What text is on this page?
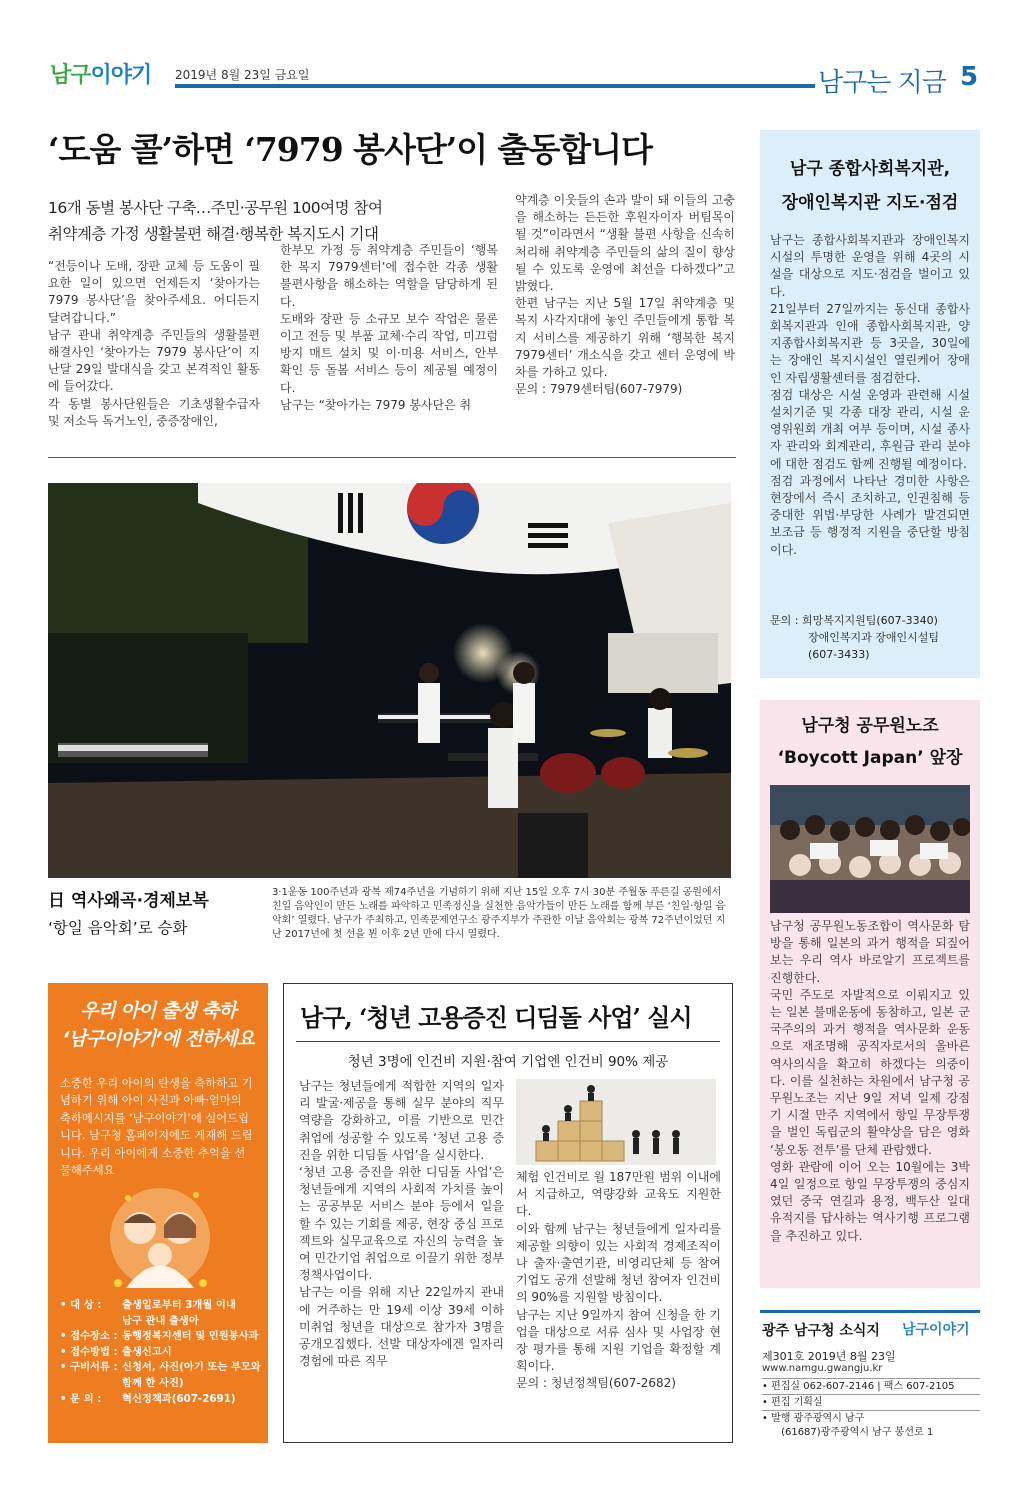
남구이야기 2019년 8월 23일 금요일	남구는 지금 5
‘도움 콜’하면 ‘7979 봉사단’이 출동합니다
16개 동별 봉사단 구축…주민·공무원 100여명 참여
취약계층 가정 생활불편 해결·행복한 복지도시 기대
“전등이나 도배, 장판 교체 등 도움이 필요한 일이 있으면 언제든지 ‘찾아가는 7979 봉사단’을 찾아주세요. 어디든지 달려갑니다.”
남구 관내 취약계층 주민들의 생활불편 해결사인 ‘찾아가는 7979 봉사단’이 지난달 29일 발대식을 갖고 본격적인 활동에 들어갔다.
각 동별 봉사단원들은 기초생활수급자 및 저소득 독거노인, 중증장애인,
한부모 가정 등 취약계층 주민들이 ‘행복한 복지 7979센터’에 접수한 각종 생활 불편사항을 해소하는 역할을 담당하게 된다.
도배와 장판 등 소규모 보수 작업은 물론이고 전등 및 부품 교체·수리 작업, 미끄럼 방지 매트 설치 및 이·미용 서비스, 안부 확인 등 돌봄 서비스 등이 제공될 예정이다.
남구는 “찾아가는 7979 봉사단은 취
약계층 이웃들의 손과 발이 돼 이들의 고충을 해소하는 든든한 후원자이자 버팀목이 될 것”이라면서 “생활 불편 사항을 신속히 처리해 취약계층 주민들의 삶의 질이 향상될 수 있도록 운영에 최선을 다하겠다”고 밝혔다.
한편 남구는 지난 5월 17일 취약계층 및 복지 사각지대에 놓인 주민들에게 통합 복지 서비스를 제공하기 위해 ‘행복한 복지 7979센터’ 개소식을 갖고 센터 운영에 박차를 가하고 있다.
문의 : 7979센터팀(607-7979)
日 역사왜곡·경제보복
‘항일 음악회’로 승화
3·1운동 100주년과 광복 제74주년을 기념하기 위해 지난 15일 오후 7시 30분 주월동 푸른길 공원에서 친일 음악인이 만든 노래를 파악하고 민족정신을 실천한 음악가들이 만든 노래를 함께 부른 ‘친일·항일 음악회’ 열렸다. 남구가 주최하고, 민족문제연구소 광주지부가 주관한 이날 음악회는 광복 72주년이었던 지난 2017년에 첫 선을 뵌 이후 2년 만에 다시 열렸다.
남구 종합사회복지관,
장애인복지관 지도·점검
남구는 종합사회복지관과 장애인복지시설의 투명한 운영을 위해 4곳의 시설을 대상으로 지도·점검을 벌이고 있다.
21일부터 27일까지는 동신대 종합사회복지관과 인애 종합사회복지관, 양지종합사회복지관 등 3곳을, 30일에는 장애인 복지시설인 열린케어 장애인 자립생활센터를 점검한다.
점검 대상은 시설 운영과 관련해 시설 설치기준 및 각종 대장 관리, 시설 운영위원회 개최 여부 등이며, 시설 종사자 관리와 회계관리, 후원금 관리 분야에 대한 점검도 함께 진행될 예정이다.
점검 과정에서 나타난 경미한 사항은 현장에서 즉시 조치하고, 인권침해 등 중대한 위법·부당한 사례가 발견되면 보조금 등 행정적 지원을 중단할 방침이다.
문의 : 희망복지지원팀(607-3340)
장애인복지과 장애인시설팀
(607-3433)
남구청 공무원노조
‘Boycott Japan’ 앞장
남구청 공무원노동조합이 역사문화 탐방을 통해 일본의 과거 행적을 되짚어 보는 우리 역사 바로알기 프로젝트를 진행한다.
국민 주도로 자발적으로 이뤄지고 있는 일본 불매운동에 동참하고, 일본 군국주의의 과거 행적을 역사문화 운동으로 재조명해 공직자로서의 올바른 역사의식을 확고히 하겠다는 의중이다. 이를 실천하는 차원에서 남구청 공무원노조는 지난 9일 저녁 일제 강점기 시절 만주 지역에서 항일 무장투쟁을 벌인 독립군의 활약상을 담은 영화 ‘봉오동 전투’를 단체 관람했다.
영화 관람에 이어 오는 10월에는 3박 4일 일정으로 항일 무장투쟁의 중심지였던 중국 연길과 용정, 백두산 일대 유적지를 답사하는 역사기행 프로그램을 추진하고 있다.
광주 남구청 소식지 남구이야기
제301호 2019년 8월 23일
www.namgu.gwangju.kr
• 편집실 062-607-2146 | 팩스 607-2105
• 편집 기획실
• 발행 광주광역시 남구
(61687)광주광역시 남구 봉선로 1
우리 아이 출생 축하
‘남구이야기’에 전하세요
소중한 우리 아이의 탄생을 축하하고 기념하기 위해 아이 사진과 아빠·엄마의 축하메시지를 ‘남구이야기’에 실어드립니다. 남구청 홈페이지에도 게재해 드립니다. 우리 아이에게 소중한 추억을 선물해주세요
• 대 상 :	출생일로부터 3개월 이내
남구 관내 출생아
• 접수장소 : 동행정복지센터 및 민원봉사과
• 접수방법 : 출생신고시
• 구비서류 : 신청서, 사진(아기 또는 부모와 함께 한 사진)
• 문 의 :	혁신정책과(607-2691)
남구, ‘청년 고용증진 디딤돌 사업’ 실시
청년 3명에 인건비 지원·참여 기업엔 인건비 90% 제공
남구는 청년들에게 적합한 지역의 일자리 발굴·제공을 통해 실무 분야의 직무역량을 강화하고, 이를 기반으로 민간 취업에 성공할 수 있도록 ‘청년 고용 증진을 위한 디딤돌 사업’을 실시한다.
‘청년 고용 증진을 위한 디딤돌 사업’은 청년들에게 지역의 사회적 가치를 높이는 공공부문 서비스 분야 등에서 일을 할 수 있는 기회를 제공, 현장 중심 프로젝트와 실무교육으로 자신의 능력을 높여 민간기업 취업으로 이끌기 위한 정부 정책사업이다.
남구는 이를 위해 지난 22일까지 관내에 거주하는 만 19세 이상 39세 이하 미취업 청년을 대상으로 참가자 3명을 공개모집했다. 선발 대상자에겐 일자리 경험에 따른 직무
체험 인건비로 월 187만원 범위 이내에서 지급하고, 역량강화 교육도 지원한다.
이와 함께 남구는 청년들에게 일자리를 제공할 의향이 있는 사회적 경제조직이나 출자·출연기관, 비영리단체 등 참여 기업도 공개 선발해 청년 참여자 인건비의 90%를 지원할 방침이다.
남구는 지난 9일까지 참여 신청을 한 기업을 대상으로 서류 심사 및 사업장 현장 평가를 통해 지원 기업을 확정할 계획이다.
문의 : 청년정책팀(607-2682)
